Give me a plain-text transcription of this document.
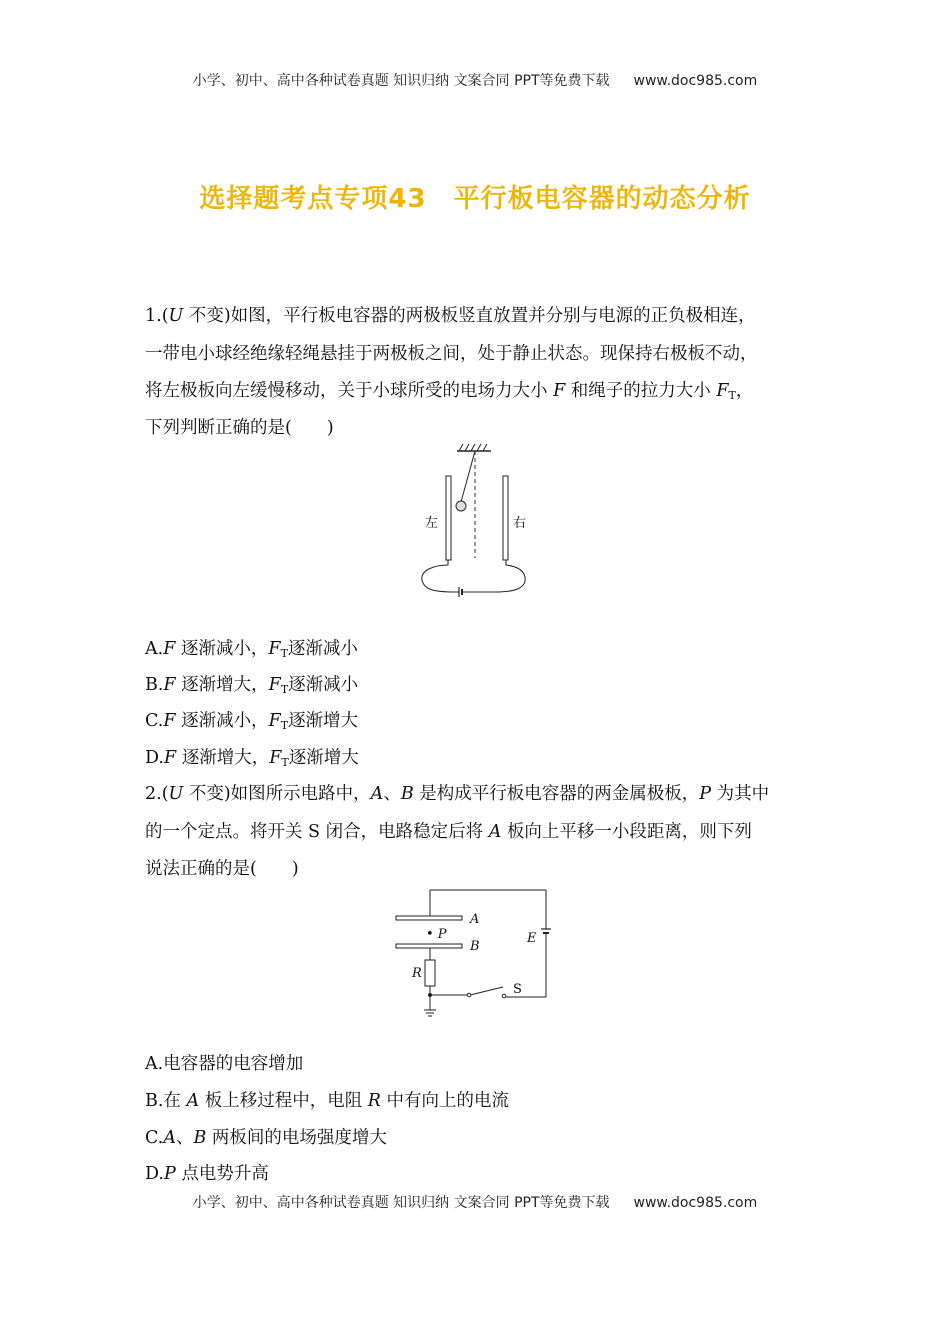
小学、初中、高中各种试卷真题 知识归纳 文案合同 PPT等免费下载 www.doc985.com
选择题考点专项43　平行板电容器的动态分析
1.(U 不变)如图，平行板电容器的两极板竖直放置并分别与电源的正负极相连，
一带电小球经绝缘轻绳悬挂于两极板之间，处于静止状态。现保持右极板不动，
将左极板向左缓慢移动，关于小球所受的电场力大小 F 和绳子的拉力大小 $F_T$，
下列判断正确的是(　　)
左	右
A.F 逐渐减小，$F_T$逐渐减小
B.F 逐渐增大，$F_T$逐渐减小
C.F 逐渐减小，$F_T$逐渐增大
D.F 逐渐增大，$F_T$逐渐增大
2.(U 不变)如图所示电路中，A、B 是构成平行板电容器的两金属极板，P 为其中
的一个定点。将开关 S 闭合，电路稳定后将 A 板向上平移一小段距离，则下列
说法正确的是(　　)
A
• P
B
E
R
S
A.电容器的电容增加
B.在 A 板上移过程中，电阻 R 中有向上的电流
C.A、B 两板间的电场强度增大
D.P 点电势升高
小学、初中、高中各种试卷真题 知识归纳 文案合同 PPT等免费下载 www.doc985.com
